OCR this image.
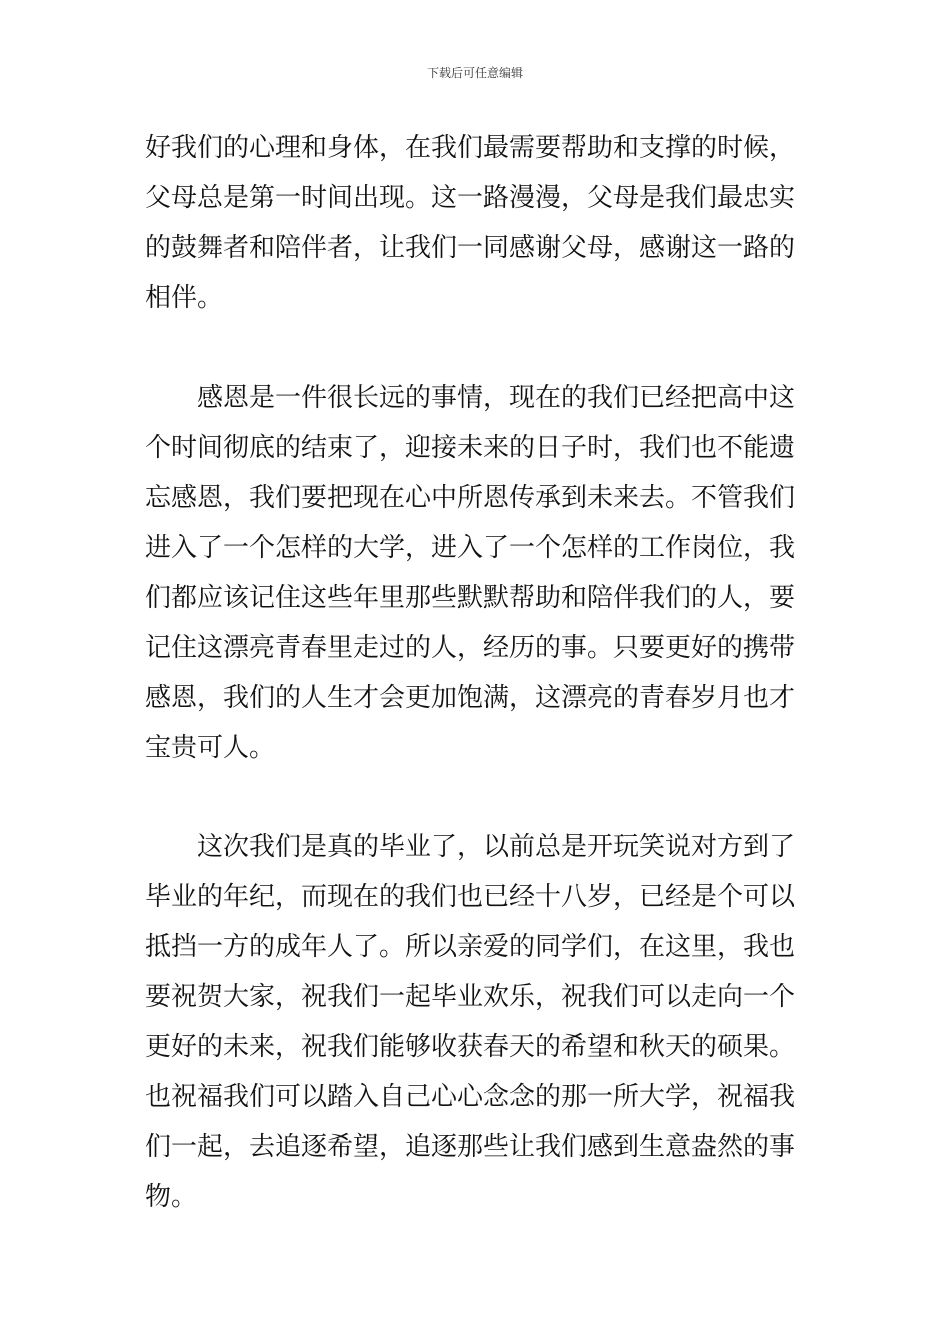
下载后可任意编辑
好我们的心理和身体，在我们最需要帮助和支撑的时候，
父母总是第一时间出现。这一路漫漫，父母是我们最忠实
的鼓舞者和陪伴者，让我们一同感谢父母，感谢这一路的
相伴。
感恩是一件很长远的事情，现在的我们已经把高中这
个时间彻底的结束了，迎接未来的日子时，我们也不能遗
忘感恩，我们要把现在心中所恩传承到未来去。不管我们
进入了一个怎样的大学，进入了一个怎样的工作岗位，我
们都应该记住这些年里那些默默帮助和陪伴我们的人，要
记住这漂亮青春里走过的人，经历的事。只要更好的携带
感恩，我们的人生才会更加饱满，这漂亮的青春岁月也才
宝贵可人。
这次我们是真的毕业了，以前总是开玩笑说对方到了
毕业的年纪，而现在的我们也已经十八岁，已经是个可以
抵挡一方的成年人了。所以亲爱的同学们，在这里，我也
要祝贺大家，祝我们一起毕业欢乐，祝我们可以走向一个
更好的未来，祝我们能够收获春天的希望和秋天的硕果。
也祝福我们可以踏入自己心心念念的那一所大学，祝福我
们一起，去追逐希望，追逐那些让我们感到生意盎然的事
物。
